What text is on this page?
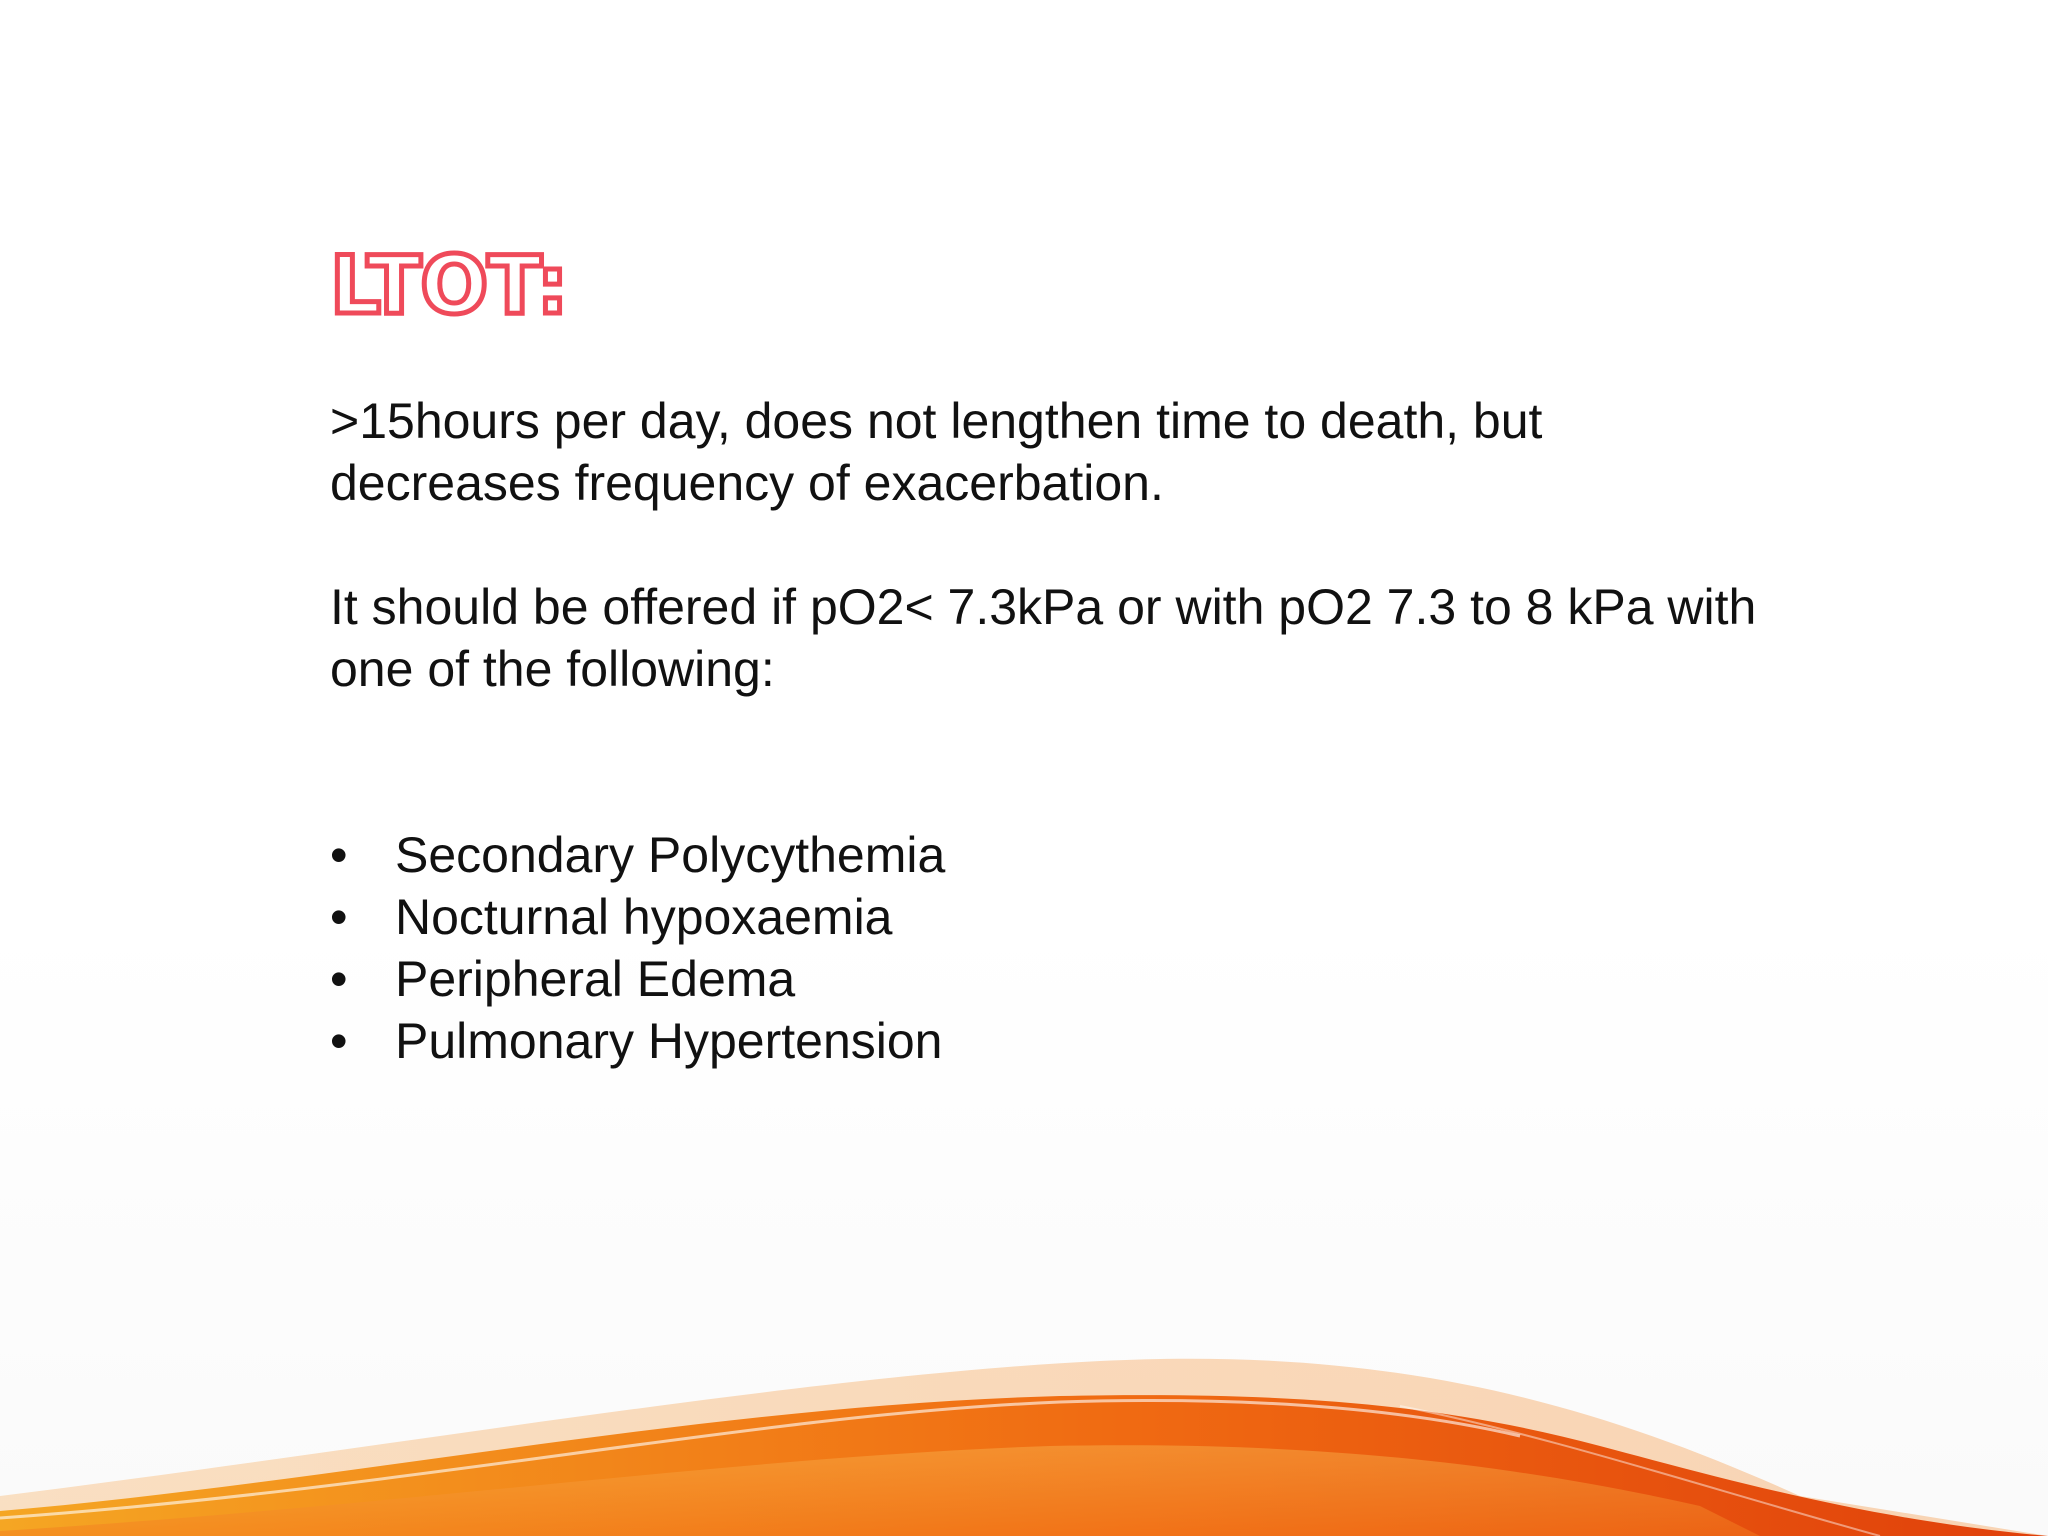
LTOT:

>15hours per day, does not lengthen time to death, but decreases frequency of exacerbation.

It should be offered if pO2< 7.3kPa or with pO2 7.3 to 8 kPa with one of the following:

• Secondary Polycythemia
• Nocturnal hypoxaemia
• Peripheral Edema
• Pulmonary Hypertension
